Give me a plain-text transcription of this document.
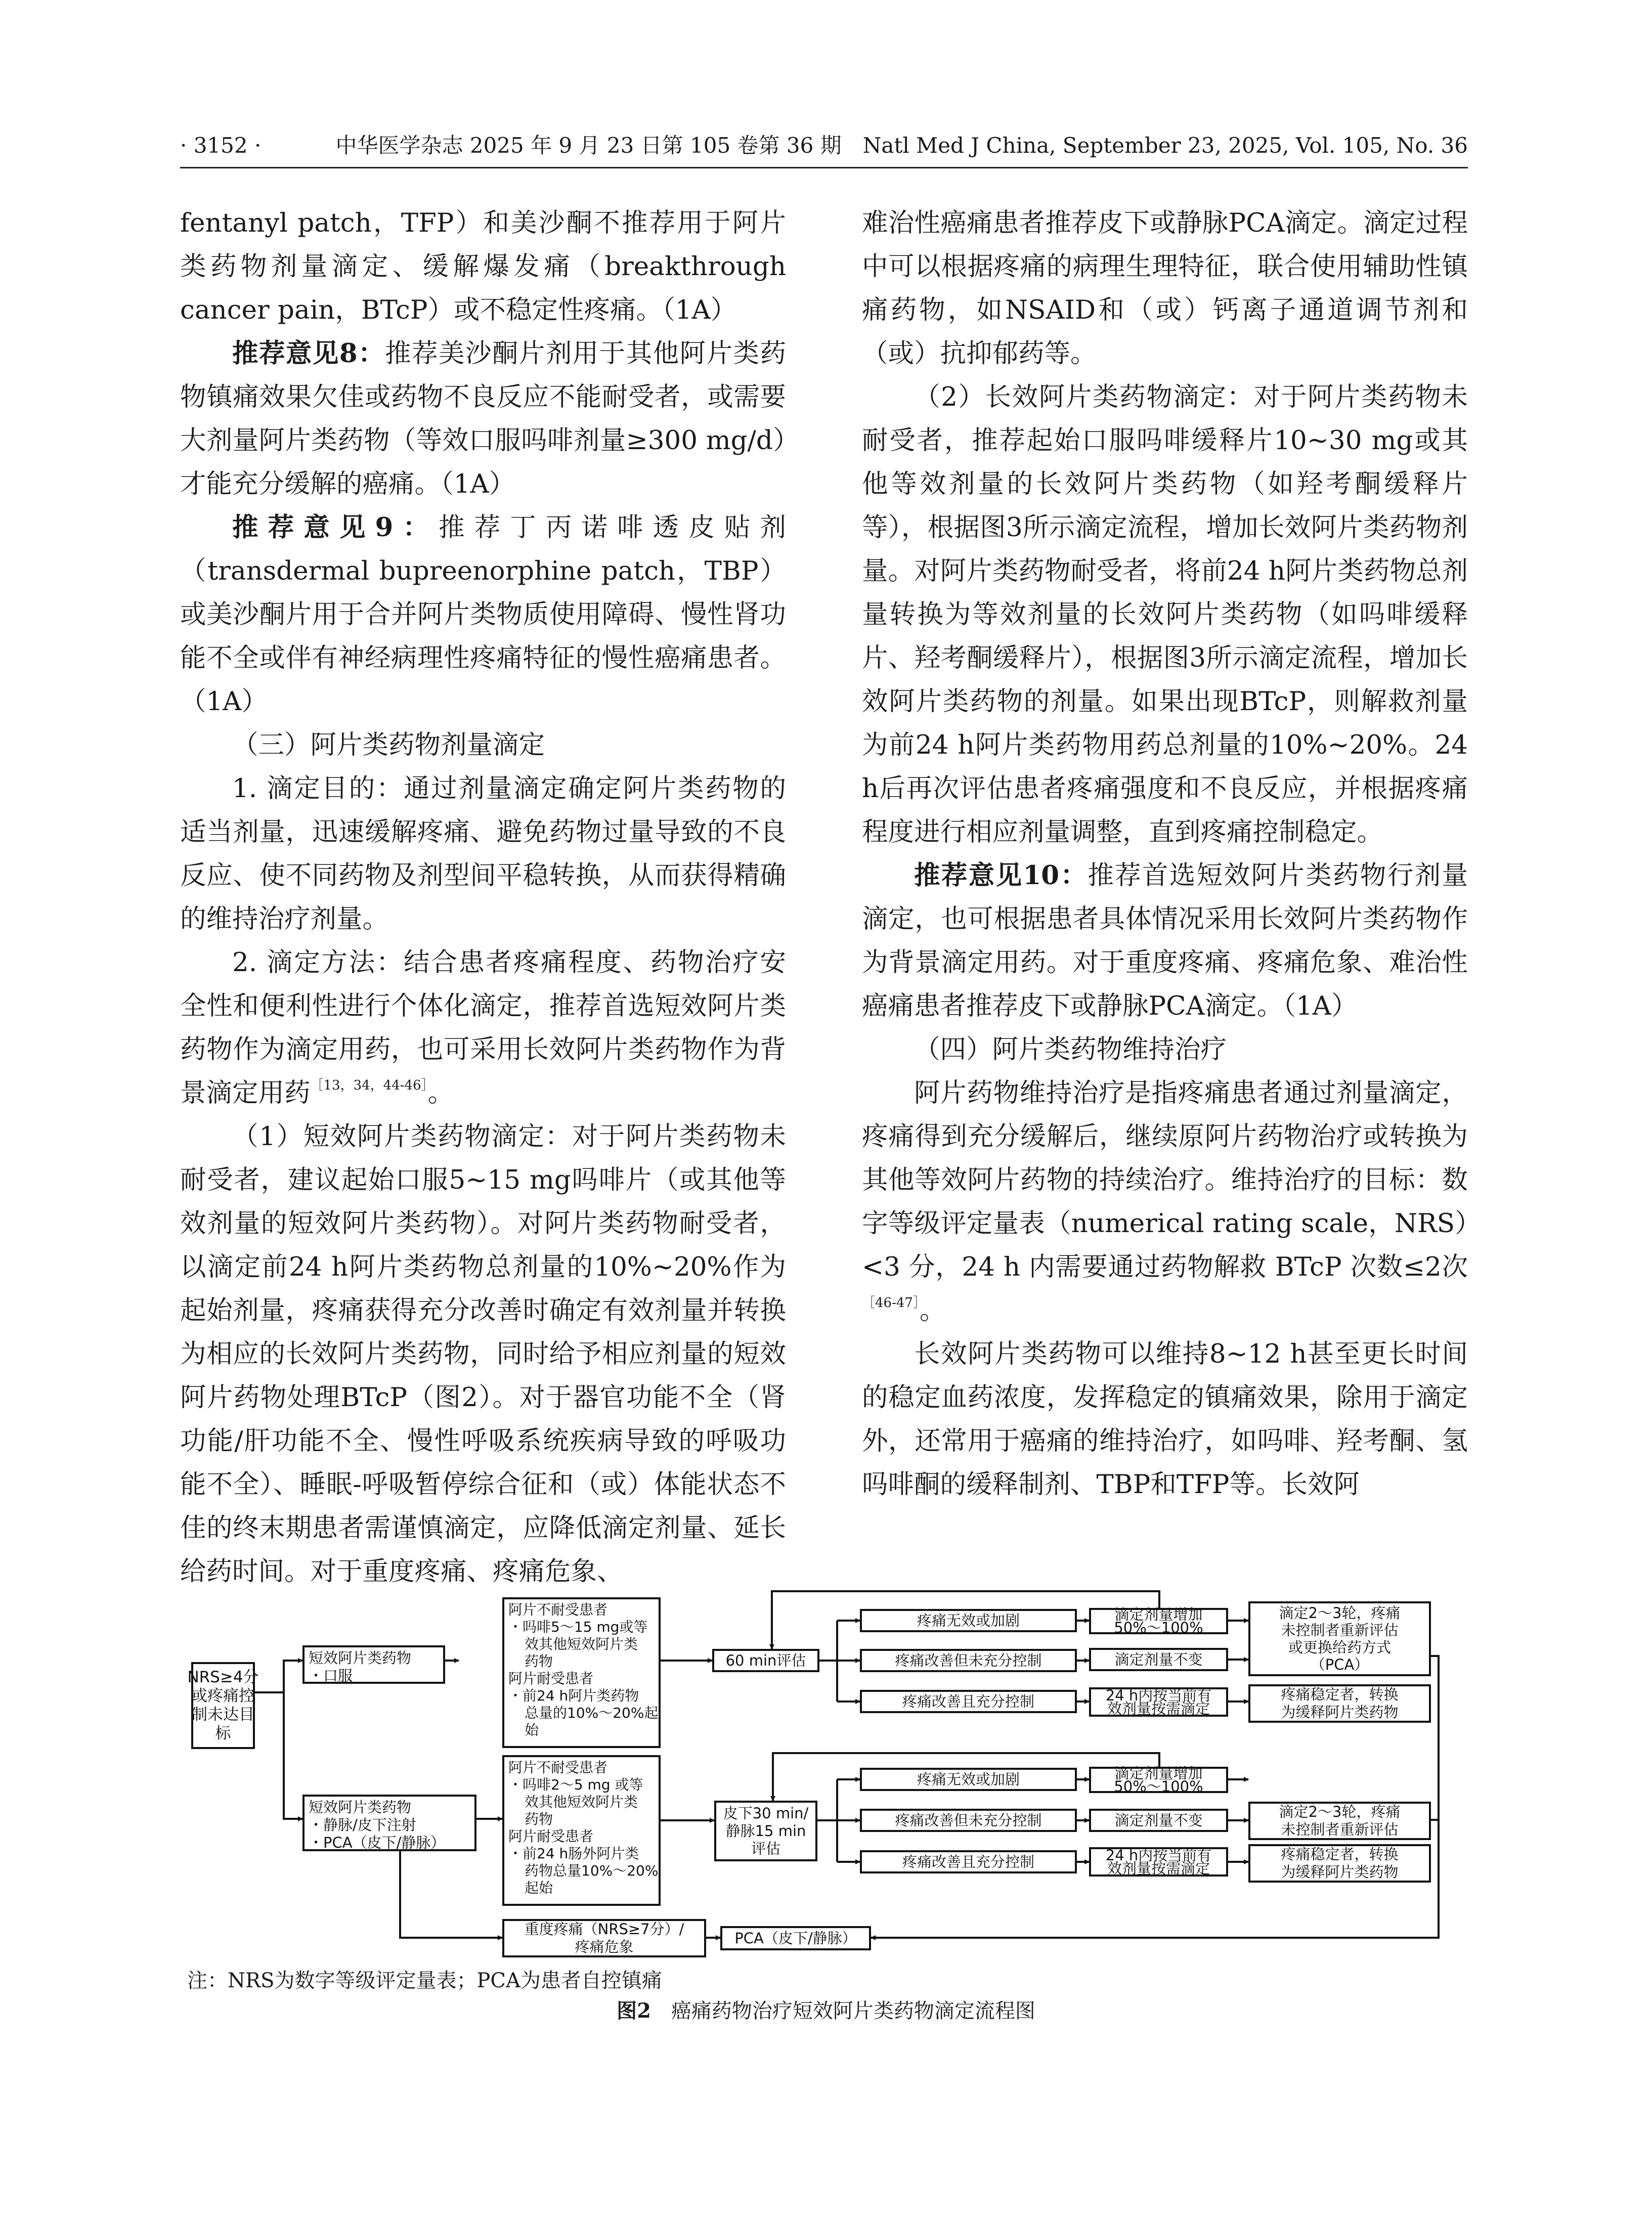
· 3152 ·	中华医学杂志 2025 年 9 月 23 日第 105 卷第 36 期　Natl Med J China, September 23, 2025, Vol. 105, No. 36

fentanyl patch，TFP）和美沙酮不推荐用于阿片类药物剂量滴定、缓解爆发痛（breakthrough cancer pain，BTcP）或不稳定性疼痛。（1A）

推荐意见8：推荐美沙酮片剂用于其他阿片类药物镇痛效果欠佳或药物不良反应不能耐受者，或需要大剂量阿片类药物（等效口服吗啡剂量≥300 mg/d）才能充分缓解的癌痛。（1A）

推荐意见9：推荐丁丙诺啡透皮贴剂（transdermal bupreenorphine patch，TBP）或美沙酮片用于合并阿片类物质使用障碍、慢性肾功能不全或伴有神经病理性疼痛特征的慢性癌痛患者。（1A）

（三）阿片类药物剂量滴定

1. 滴定目的：通过剂量滴定确定阿片类药物的适当剂量，迅速缓解疼痛、避免药物过量导致的不良反应、使不同药物及剂型间平稳转换，从而获得精确的维持治疗剂量。

2. 滴定方法：结合患者疼痛程度、药物治疗安全性和便利性进行个体化滴定，推荐首选短效阿片类药物作为滴定用药，也可采用长效阿片类药物作为背景滴定用药$^{[13,34,44-46]}$。

（1）短效阿片类药物滴定：对于阿片类药物未耐受者，建议起始口服5~15 mg吗啡片（或其他等效剂量的短效阿片类药物）。对阿片类药物耐受者，以滴定前24 h阿片类药物总剂量的10%~20%作为起始剂量，疼痛获得充分改善时确定有效剂量并转换为相应的长效阿片类药物，同时给予相应剂量的短效阿片药物处理BTcP（图2）。对于器官功能不全（肾功能/肝功能不全、慢性呼吸系统疾病导致的呼吸功能不全）、睡眠-呼吸暂停综合征和（或）体能状态不佳的终末期患者需谨慎滴定，应降低滴定剂量、延长给药时间。对于重度疼痛、疼痛危象、

难治性癌痛患者推荐皮下或静脉PCA滴定。滴定过程中可以根据疼痛的病理生理特征，联合使用辅助性镇痛药物，如NSAID和（或）钙离子通道调节剂和（或）抗抑郁药等。

（2）长效阿片类药物滴定：对于阿片类药物未耐受者，推荐起始口服吗啡缓释片10~30 mg或其他等效剂量的长效阿片类药物（如羟考酮缓释片等），根据图3所示滴定流程，增加长效阿片类药物剂量。对阿片类药物耐受者，将前24 h阿片类药物总剂量转换为等效剂量的长效阿片类药物（如吗啡缓释片、羟考酮缓释片），根据图3所示滴定流程，增加长效阿片类药物的剂量。如果出现BTcP，则解救剂量为前24 h阿片类药物用药总剂量的10%~20%。24 h后再次评估患者疼痛强度和不良反应，并根据疼痛程度进行相应剂量调整，直到疼痛控制稳定。

推荐意见10：推荐首选短效阿片类药物行剂量滴定，也可根据患者具体情况采用长效阿片类药物作为背景滴定用药。对于重度疼痛、疼痛危象、难治性癌痛患者推荐皮下或静脉PCA滴定。（1A）

（四）阿片类药物维持治疗

阿片药物维持治疗是指疼痛患者通过剂量滴定，疼痛得到充分缓解后，继续原阿片药物治疗或转换为其他等效阿片药物的持续治疗。维持治疗的目标：数字等级评定量表（numerical rating scale，NRS）<3 分，24 h 内需要通过药物解救 BTcP 次数≤2次$^{[46-47]}$。

长效阿片类药物可以维持8~12 h甚至更长时间的稳定血药浓度，发挥稳定的镇痛效果，除用于滴定外，还常用于癌痛的维持治疗，如吗啡、羟考酮、氢吗啡酮的缓释制剂、TBP和TFP等。长效阿

NRS≥4分
或疼痛控
制未达目
标
短效阿片类药物
・口服
短效阿片类药物
・静脉/皮下注射
・PCA（皮下/静脉）
阿片不耐受患者
・吗啡5～15 mg或等
效其他短效阿片类
药物
阿片耐受患者
・前24 h阿片类药物
总量的10%～20%起
始
阿片不耐受患者
・吗啡2～5 mg 或等
效其他短效阿片类
药物
阿片耐受患者
・前24 h肠外阿片类
药物总量10%～20%
起始
60 min评估
皮下30 min/
静脉15 min
评估
疼痛无效或加剧
疼痛改善但未充分控制
疼痛改善且充分控制
疼痛无效或加剧
疼痛改善但未充分控制
疼痛改善且充分控制
滴定剂量增加
50%～100%
滴定剂量不变
24 h内按当前有
效剂量按需滴定
滴定剂量增加
50%～100%
滴定剂量不变
24 h内按当前有
效剂量按需滴定
滴定2～3轮，疼痛
未控制者重新评估
或更换给药方式
（PCA）
疼痛稳定者，转换
为缓释阿片类药物
滴定2～3轮，疼痛
未控制者重新评估
疼痛稳定者，转换
为缓释阿片类药物
重度疼痛（NRS≥7分）/
疼痛危象
PCA（皮下/静脉）
注：NRS为数字等级评定量表；PCA为患者自控镇痛
图2　癌痛药物治疗短效阿片类药物滴定流程图
